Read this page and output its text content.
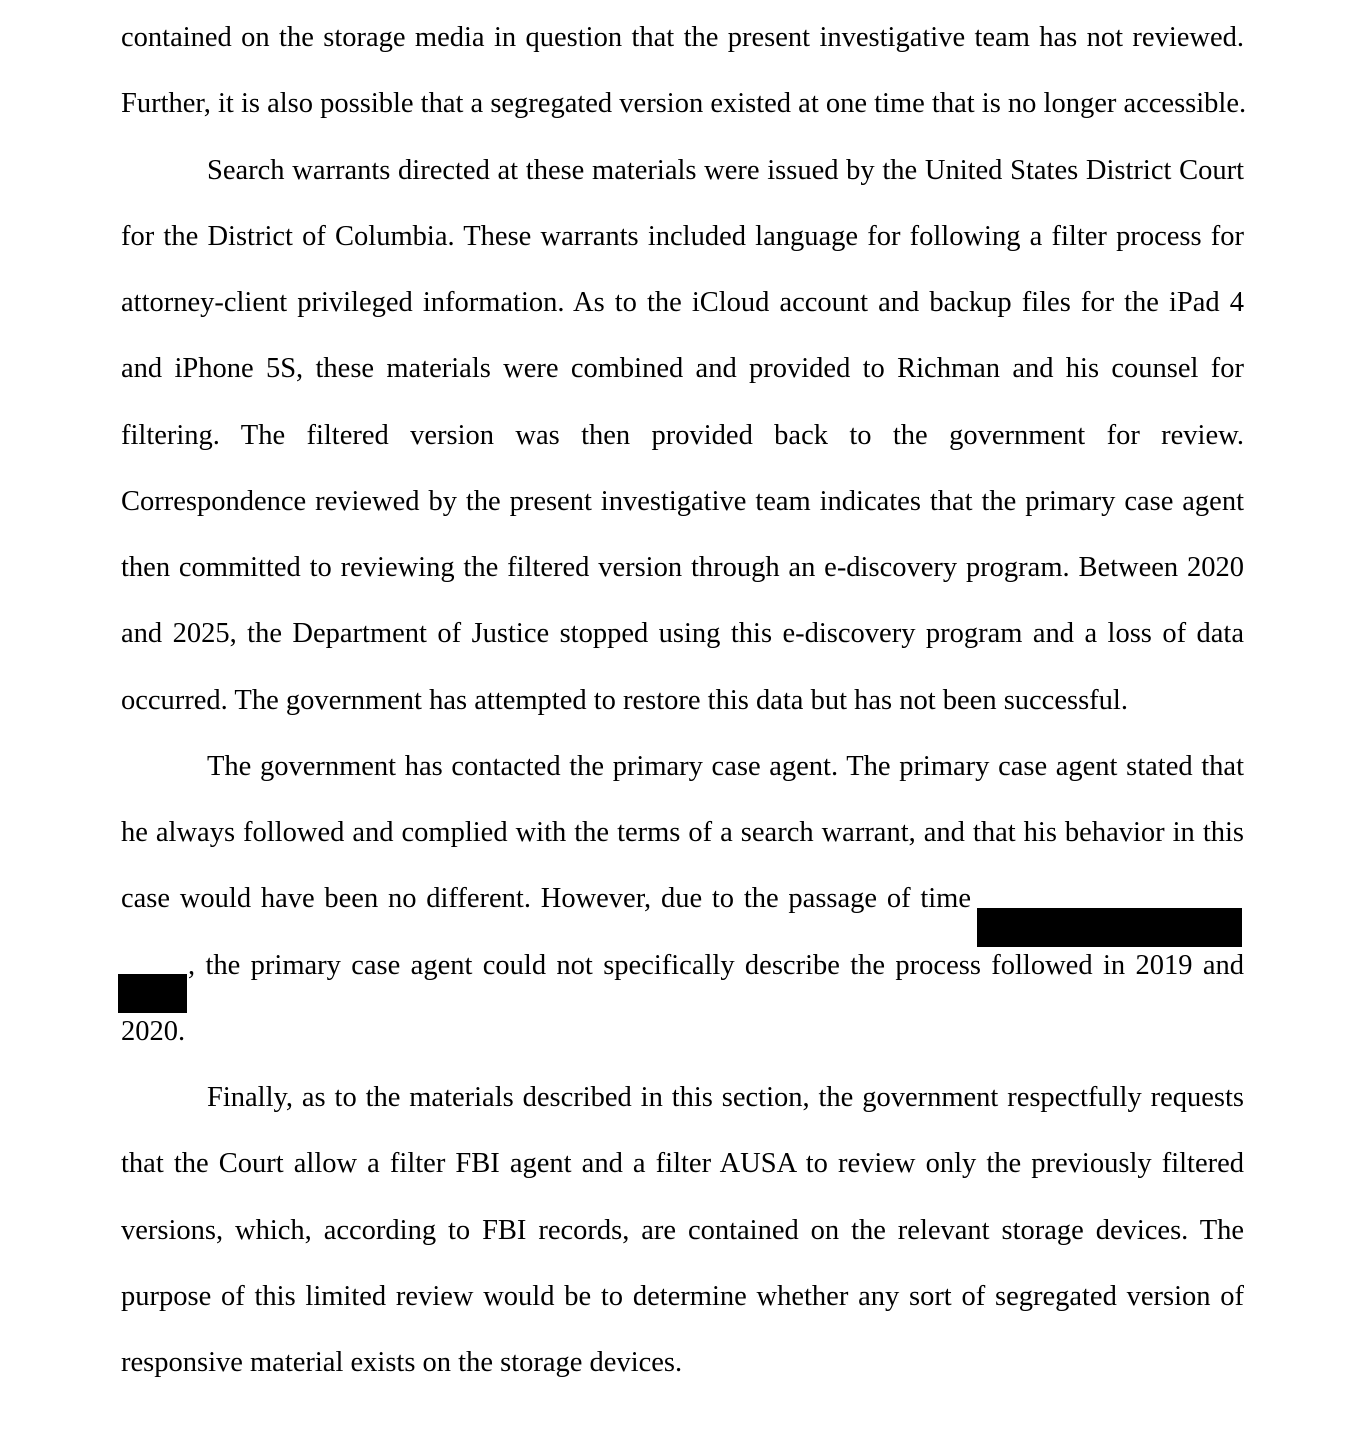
contained on the storage media in question that the present investigative team has not reviewed.
Further, it is also possible that a segregated version existed at one time that is no longer accessible.
Search warrants directed at these materials were issued by the United States District Court
for the District of Columbia. These warrants included language for following a filter process for
attorney-client privileged information. As to the iCloud account and backup files for the iPad 4
and iPhone 5S, these materials were combined and provided to Richman and his counsel for
filtering. The filtered version was then provided back to the government for review.
Correspondence reviewed by the present investigative team indicates that the primary case agent
then committed to reviewing the filtered version through an e-discovery program. Between 2020
and 2025, the Department of Justice stopped using this e-discovery program and a loss of data
occurred. The government has attempted to restore this data but has not been successful.
The government has contacted the primary case agent. The primary case agent stated that
he always followed and complied with the terms of a search warrant, and that his behavior in this
case would have been no different. However, due to the passage of time
, the primary case agent could not specifically describe the process followed in 2019 and
2020.
Finally, as to the materials described in this section, the government respectfully requests
that the Court allow a filter FBI agent and a filter AUSA to review only the previously filtered
versions, which, according to FBI records, are contained on the relevant storage devices. The
purpose of this limited review would be to determine whether any sort of segregated version of
responsive material exists on the storage devices.
